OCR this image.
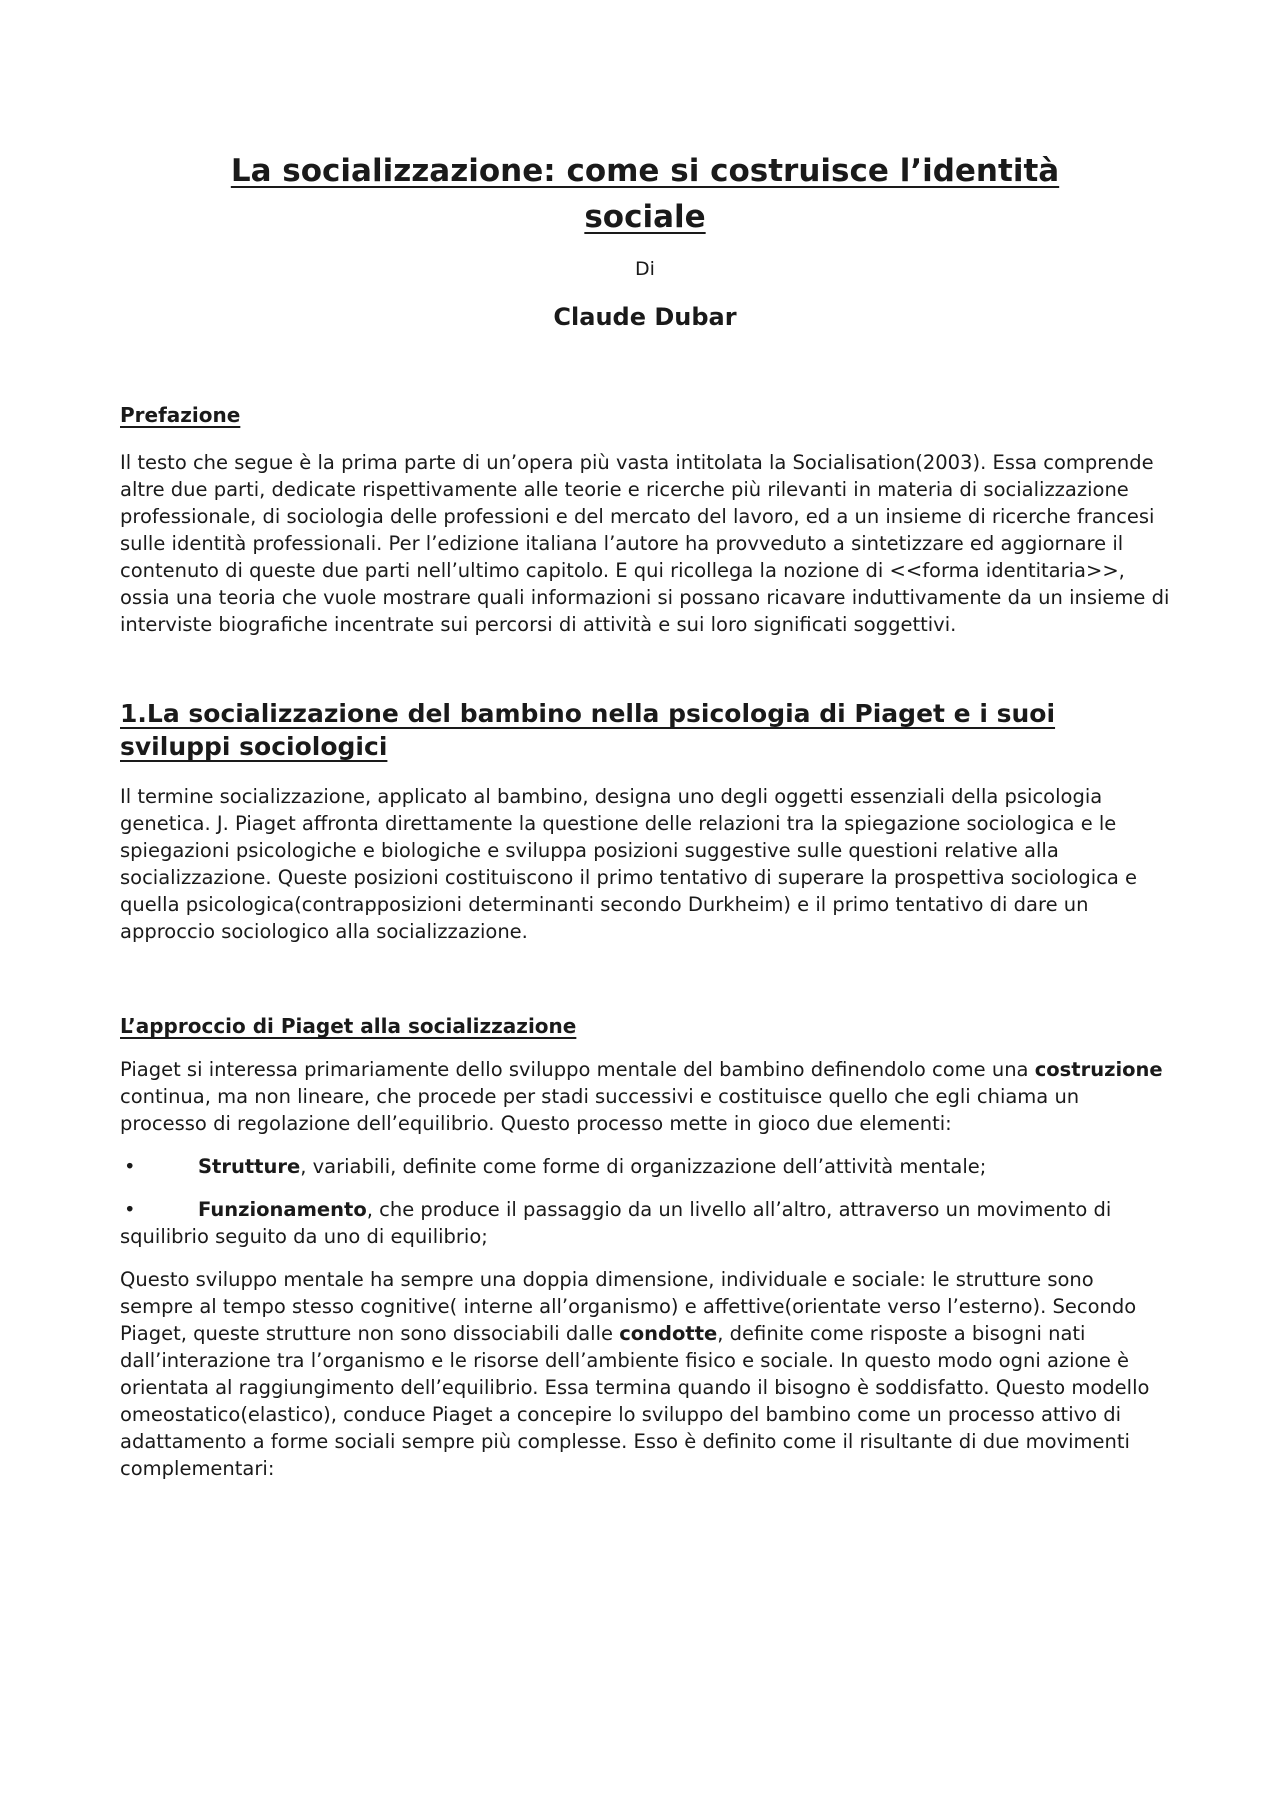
La socializzazione: come si costruisce l’identità
sociale
Di
Claude Dubar
Prefazione

Il testo che segue è la prima parte di un’opera più vasta intitolata la Socialisation(2003). Essa comprende altre due parti, dedicate rispettivamente alle teorie e ricerche più rilevanti in materia di socializzazione professionale, di sociologia delle professioni e del mercato del lavoro, ed a un insieme di ricerche francesi sulle identità professionali. Per l’edizione italiana l’autore ha provveduto a sintetizzare ed aggiornare il contenuto di queste due parti nell’ultimo capitolo. E qui ricollega la nozione di <<forma identitaria>>, ossia una teoria che vuole mostrare quali informazioni si possano ricavare induttivamente da un insieme di interviste biografiche incentrate sui percorsi di attività e sui loro significati soggettivi.

1.La socializzazione del bambino nella psicologia di Piaget e i suoi
sviluppi sociologici

Il termine socializzazione, applicato al bambino, designa uno degli oggetti essenziali della psicologia genetica. J. Piaget affronta direttamente la questione delle relazioni tra la spiegazione sociologica e le spiegazioni psicologiche e biologiche e sviluppa posizioni suggestive sulle questioni relative alla socializzazione. Queste posizioni costituiscono il primo tentativo di superare la prospettiva sociologica e quella psicologica(contrapposizioni determinanti secondo Durkheim) e il primo tentativo di dare un approccio sociologico alla socializzazione.

L’approccio di Piaget alla socializzazione

Piaget si interessa primariamente dello sviluppo mentale del bambino definendolo come una costruzione continua, ma non lineare, che procede per stadi successivi e costituisce quello che egli chiama un processo di regolazione dell’equilibrio. Questo processo mette in gioco due elementi:

•	Strutture, variabili, definite come forme di organizzazione dell’attività mentale;
•	Funzionamento, che produce il passaggio da un livello all’altro, attraverso un movimento di squilibrio seguito da uno di equilibrio;

Questo sviluppo mentale ha sempre una doppia dimensione, individuale e sociale: le strutture sono sempre al tempo stesso cognitive( interne all’organismo) e affettive(orientate verso l’esterno). Secondo Piaget, queste strutture non sono dissociabili dalle condotte, definite come risposte a bisogni nati dall’interazione tra l’organismo e le risorse dell’ambiente fisico e sociale. In questo modo ogni azione è orientata al raggiungimento dell’equilibrio. Essa termina quando il bisogno è soddisfatto. Questo modello omeostatico(elastico), conduce Piaget a concepire lo sviluppo del bambino come un processo attivo di adattamento a forme sociali sempre più complesse. Esso è definito come il risultante di due movimenti complementari:
